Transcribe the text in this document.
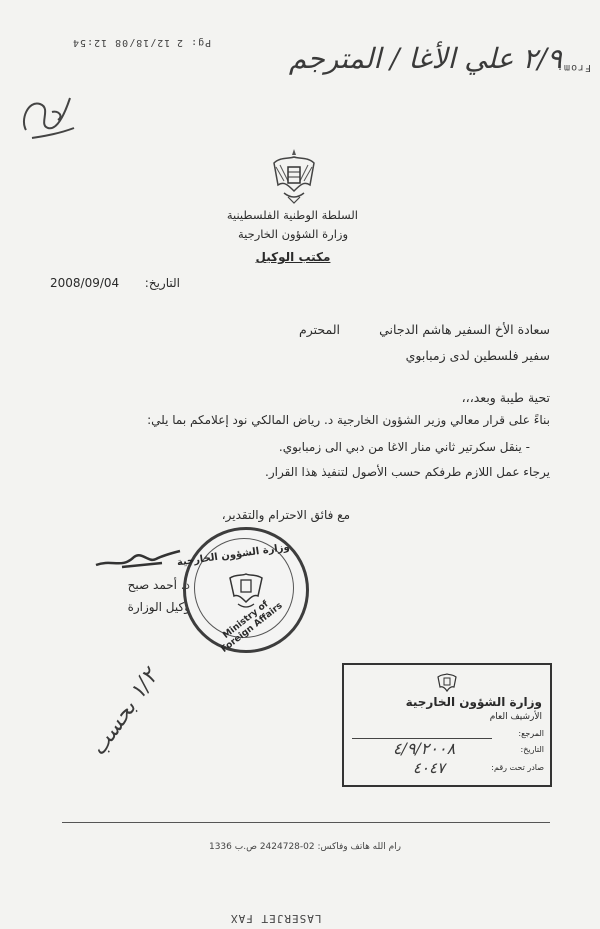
Pg: 2
12/18/08 12:54
From:
٢/٩ علي الأغا / المترجم
السلطة الوطنية الفلسطينية
وزارة الشؤون الخارجية
مكتب الوكيل
التاريخ:
2008/09/04
سعادة الأخ السفير هاشم الدجاني
المحترم
سفير فلسطين لدى زمبابوي
تحية طيبة وبعد،،،
بناءً على قرار معالي وزير الشؤون الخارجية د. رياض المالكي نود إعلامكم بما يلي:
- ينقل سكرتير ثاني منار الاغا من دبي الى زمبابوي.
يرجاء عمل اللازم طرفكم حسب الأصول لتنفيذ هذا القرار.
مع فائق الاحترام والتقدير،
د. أحمد صبح
وكيل الوزارة
وزارة الشؤون الخارجية
Ministry of Foreign Affairs
١/٢ بحسب	وزارة الشؤون الخارجية
الأرشيف العام
المرجع:
التاريخ:
٤/٩/٢٠٠٨
صادر تحت رقم:
٤٠٤٧
رام الله هاتف وفاكس: 02-2424728 ص.ب 1336
LASERJET FAX
